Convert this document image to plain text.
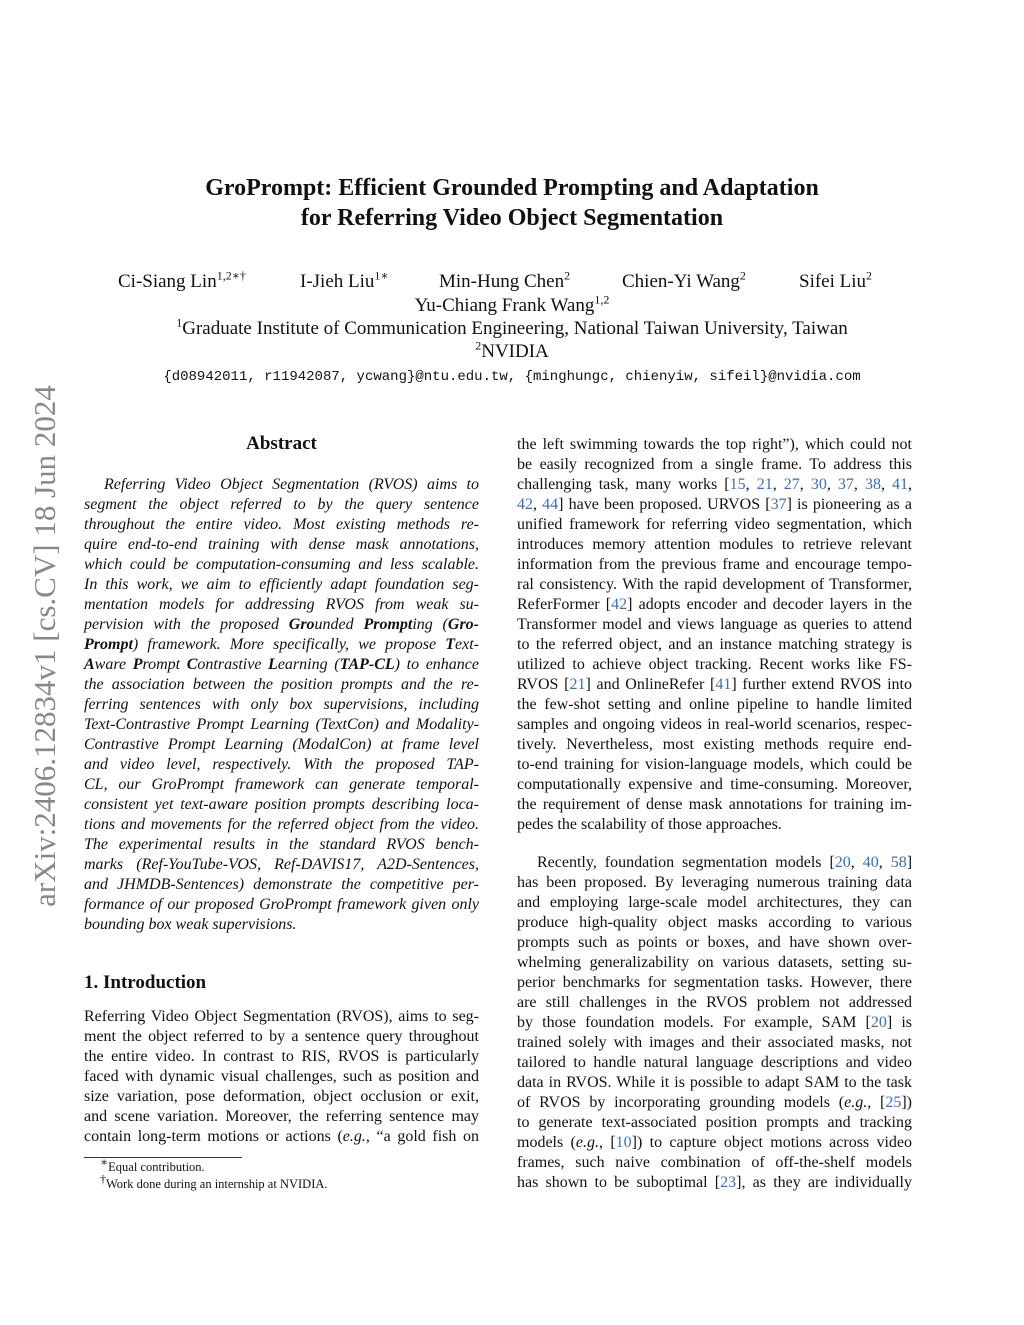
arXiv:2406.12834v1 [cs.CV] 18 Jun 2024
GroPrompt: Efficient Grounded Prompting and Adaptation
for Referring Video Object Segmentation
Ci-Siang Lin$^{1,2∗\dagger}$	I-Jieh Liu$^{1∗}$	Min-Hung Chen$^2$	Chien-Yi Wang$^2$	Sifei Liu$^2$
Yu-Chiang Frank Wang$^{1,2}$
$^1$Graduate Institute of Communication Engineering, National Taiwan University, Taiwan
$^2$NVIDIA
{d08942011, r11942087, ycwang}@ntu.edu.tw, {minghungc, chienyiw, sifeil}@nvidia.com
Abstract
Referring Video Object Segmentation (RVOS) aims to
segment the object referred to by the query sentence
throughout the entire video. Most existing methods re-
quire end-to-end training with dense mask annotations,
which could be computation-consuming and less scalable.
In this work, we aim to efficiently adapt foundation seg-
mentation models for addressing RVOS from weak su-
pervision with the proposed Grounded Prompting (Gro-
Prompt) framework. More specifically, we propose Text-
Aware Prompt Contrastive Learning (TAP-CL) to enhance
the association between the position prompts and the re-
ferring sentences with only box supervisions, including
Text-Contrastive Prompt Learning (TextCon) and Modality-
Contrastive Prompt Learning (ModalCon) at frame level
and video level, respectively. With the proposed TAP-
CL, our GroPrompt framework can generate temporal-
consistent yet text-aware position prompts describing loca-
tions and movements for the referred object from the video.
The experimental results in the standard RVOS bench-
marks (Ref-YouTube-VOS, Ref-DAVIS17, A2D-Sentences,
and JHMDB-Sentences) demonstrate the competitive per-
formance of our proposed GroPrompt framework given only
bounding box weak supervisions.
1. Introduction
Referring Video Object Segmentation (RVOS), aims to seg-
ment the object referred to by a sentence query throughout
the entire video. In contrast to RIS, RVOS is particularly
faced with dynamic visual challenges, such as position and
size variation, pose deformation, object occlusion or exit,
and scene variation. Moreover, the referring sentence may
contain long-term motions or actions (e.g., “a gold fish on
∗Equal contribution.
†Work done during an internship at NVIDIA.
the left swimming towards the top right”), which could not
be easily recognized from a single frame. To address this
challenging task, many works [15, 21, 27, 30, 37, 38, 41,
42, 44] have been proposed. URVOS [37] is pioneering as a
unified framework for referring video segmentation, which
introduces memory attention modules to retrieve relevant
information from the previous frame and encourage tempo-
ral consistency. With the rapid development of Transformer,
ReferFormer [42] adopts encoder and decoder layers in the
Transformer model and views language as queries to attend
to the referred object, and an instance matching strategy is
utilized to achieve object tracking. Recent works like FS-
RVOS [21] and OnlineRefer [41] further extend RVOS into
the few-shot setting and online pipeline to handle limited
samples and ongoing videos in real-world scenarios, respec-
tively. Nevertheless, most existing methods require end-
to-end training for vision-language models, which could be
computationally expensive and time-consuming. Moreover,
the requirement of dense mask annotations for training im-
pedes the scalability of those approaches.
Recently, foundation segmentation models [20, 40, 58]
has been proposed. By leveraging numerous training data
and employing large-scale model architectures, they can
produce high-quality object masks according to various
prompts such as points or boxes, and have shown over-
whelming generalizability on various datasets, setting su-
perior benchmarks for segmentation tasks. However, there
are still challenges in the RVOS problem not addressed
by those foundation models. For example, SAM [20] is
trained solely with images and their associated masks, not
tailored to handle natural language descriptions and video
data in RVOS. While it is possible to adapt SAM to the task
of RVOS by incorporating grounding models (e.g., [25])
to generate text-associated position prompts and tracking
models (e.g., [10]) to capture object motions across video
frames, such naive combination of off-the-shelf models
has shown to be suboptimal [23], as they are individually
